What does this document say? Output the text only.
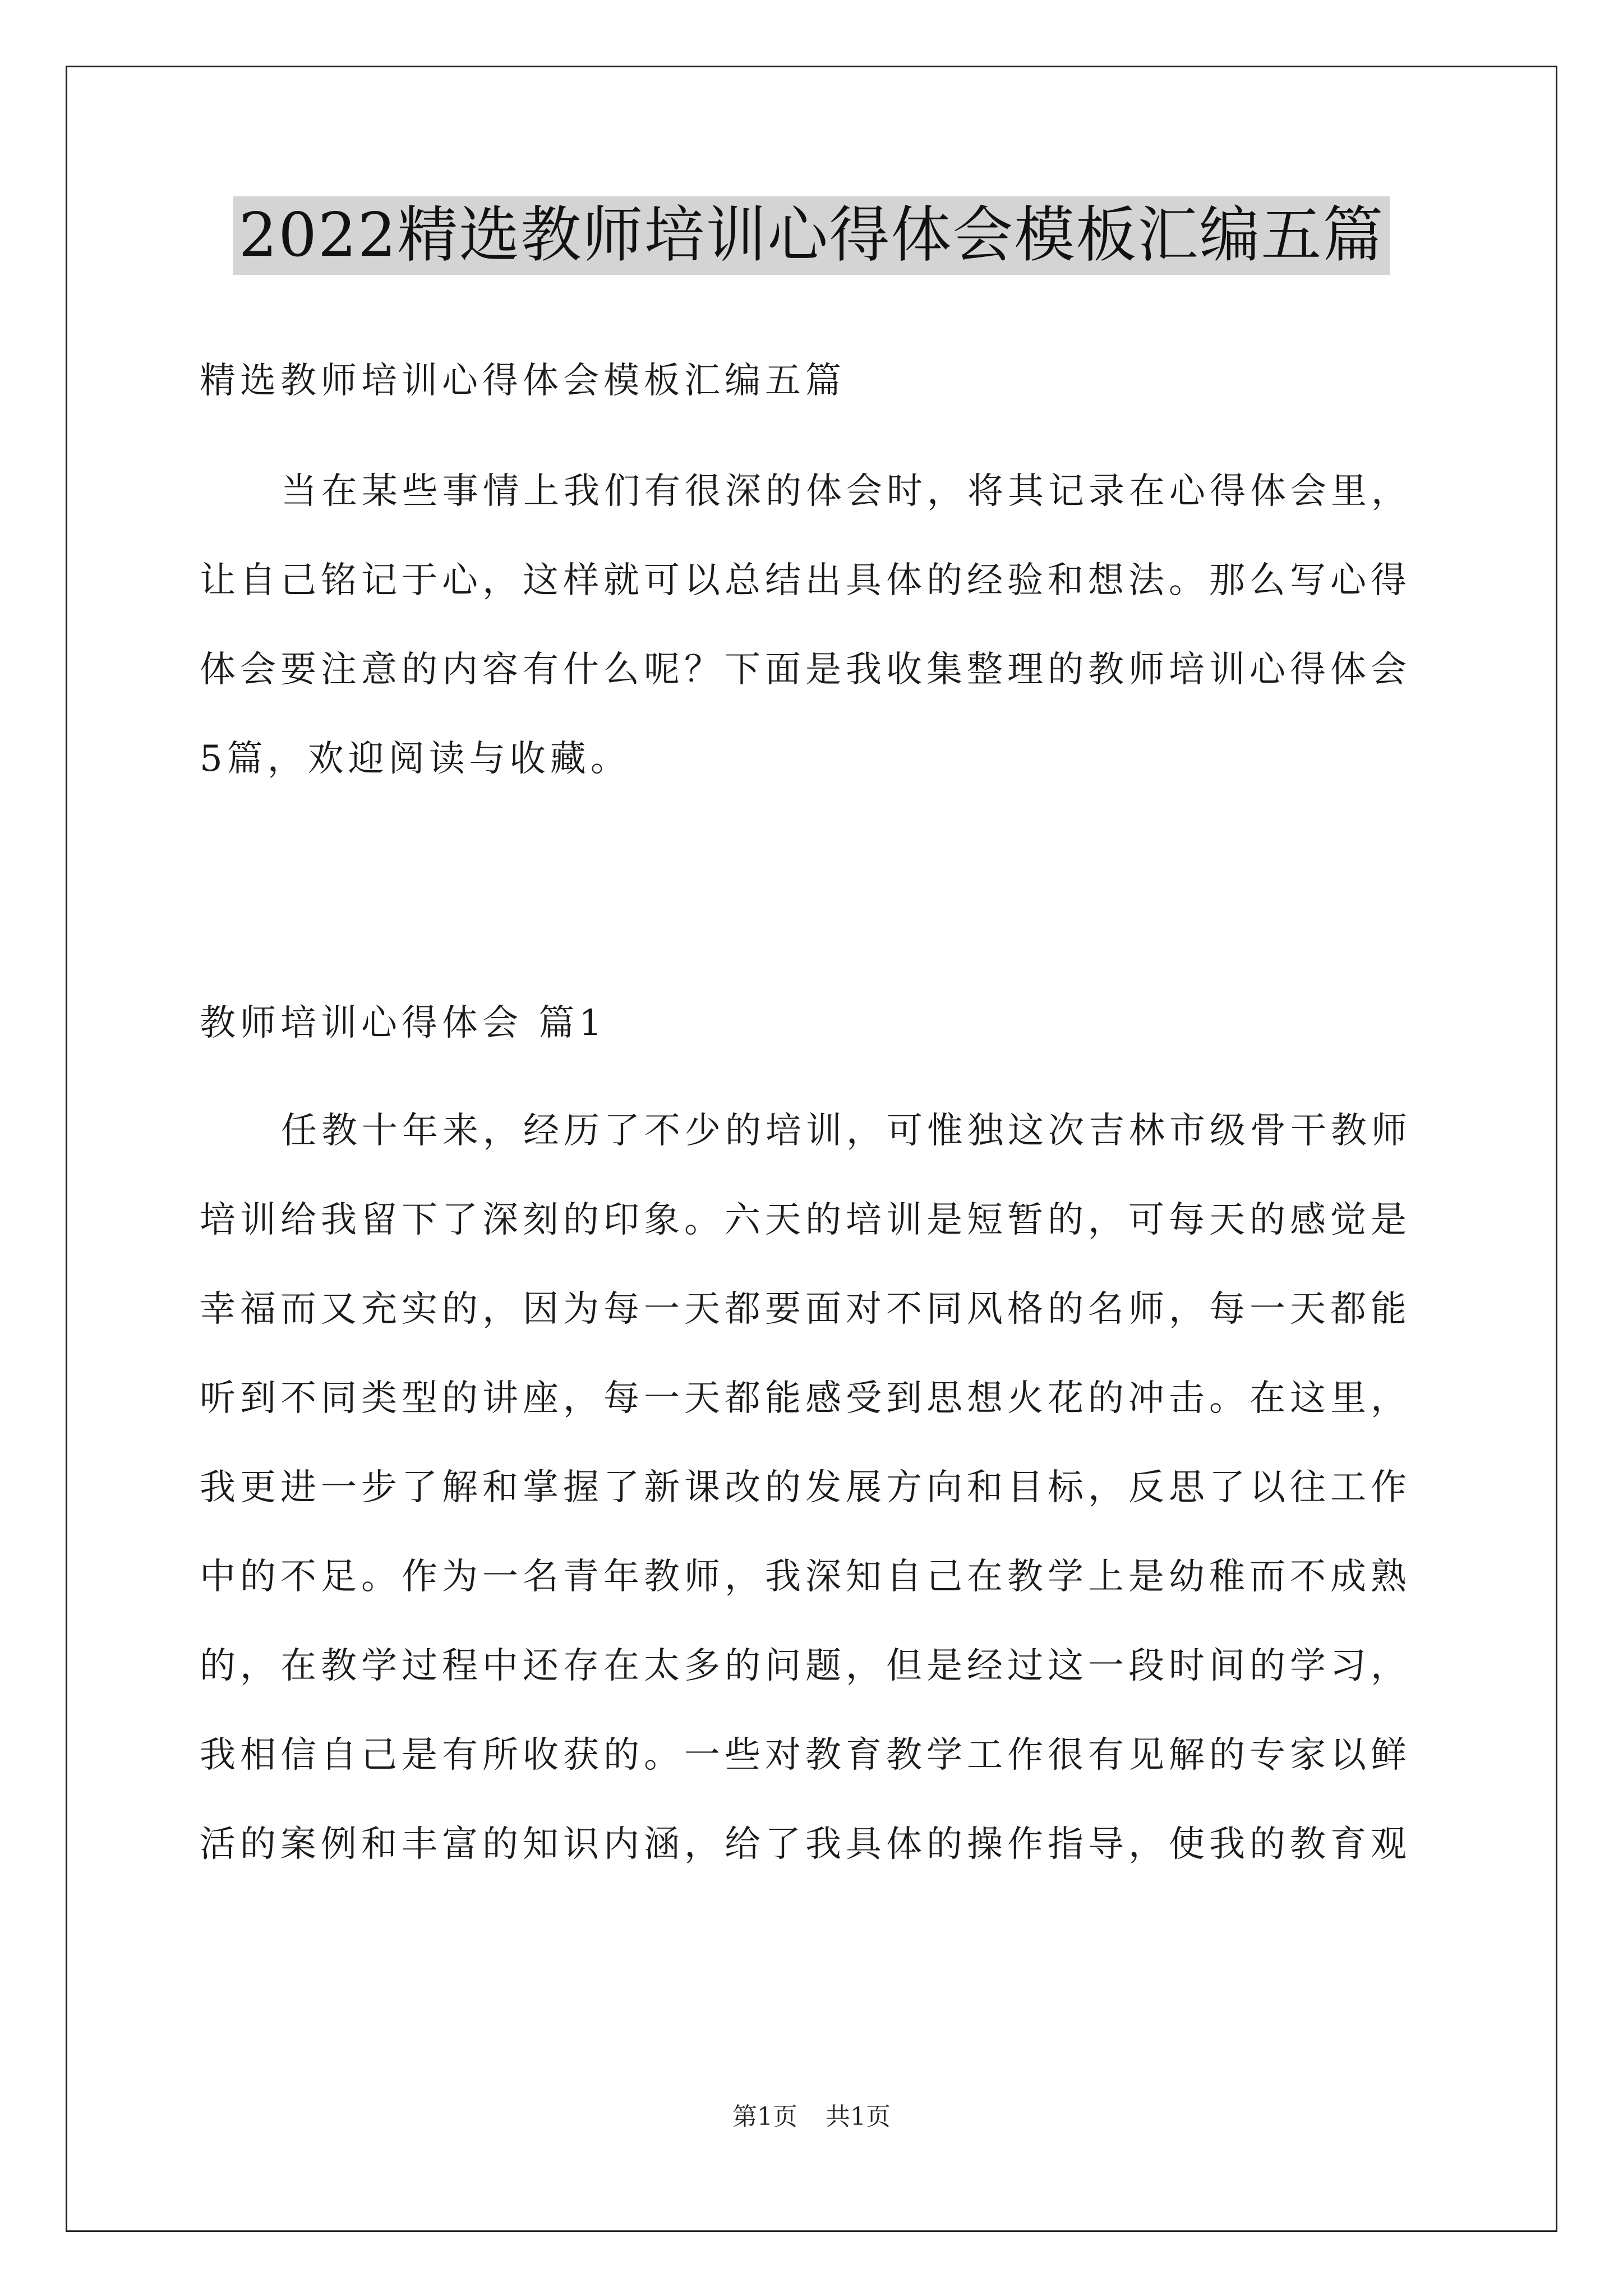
2022精选教师培训心得体会模板汇编五篇
精选教师培训心得体会模板汇编五篇
当在某些事情上我们有很深的体会时，将其记录在心得体会里，
让自己铭记于心，这样就可以总结出具体的经验和想法。那么写心得
体会要注意的内容有什么呢？下面是我收集整理的教师培训心得体会
5篇，欢迎阅读与收藏。
教师培训心得体会 篇1
任教十年来，经历了不少的培训，可惟独这次吉林市级骨干教师
培训给我留下了深刻的印象。六天的培训是短暂的，可每天的感觉是
幸福而又充实的，因为每一天都要面对不同风格的名师，每一天都能
听到不同类型的讲座，每一天都能感受到思想火花的冲击。在这里，
我更进一步了解和掌握了新课改的发展方向和目标，反思了以往工作
中的不足。作为一名青年教师，我深知自己在教学上是幼稚而不成熟
的，在教学过程中还存在太多的问题，但是经过这一段时间的学习，
我相信自己是有所收获的。一些对教育教学工作很有见解的专家以鲜
活的案例和丰富的知识内涵，给了我具体的操作指导，使我的教育观
第1页 共1页
